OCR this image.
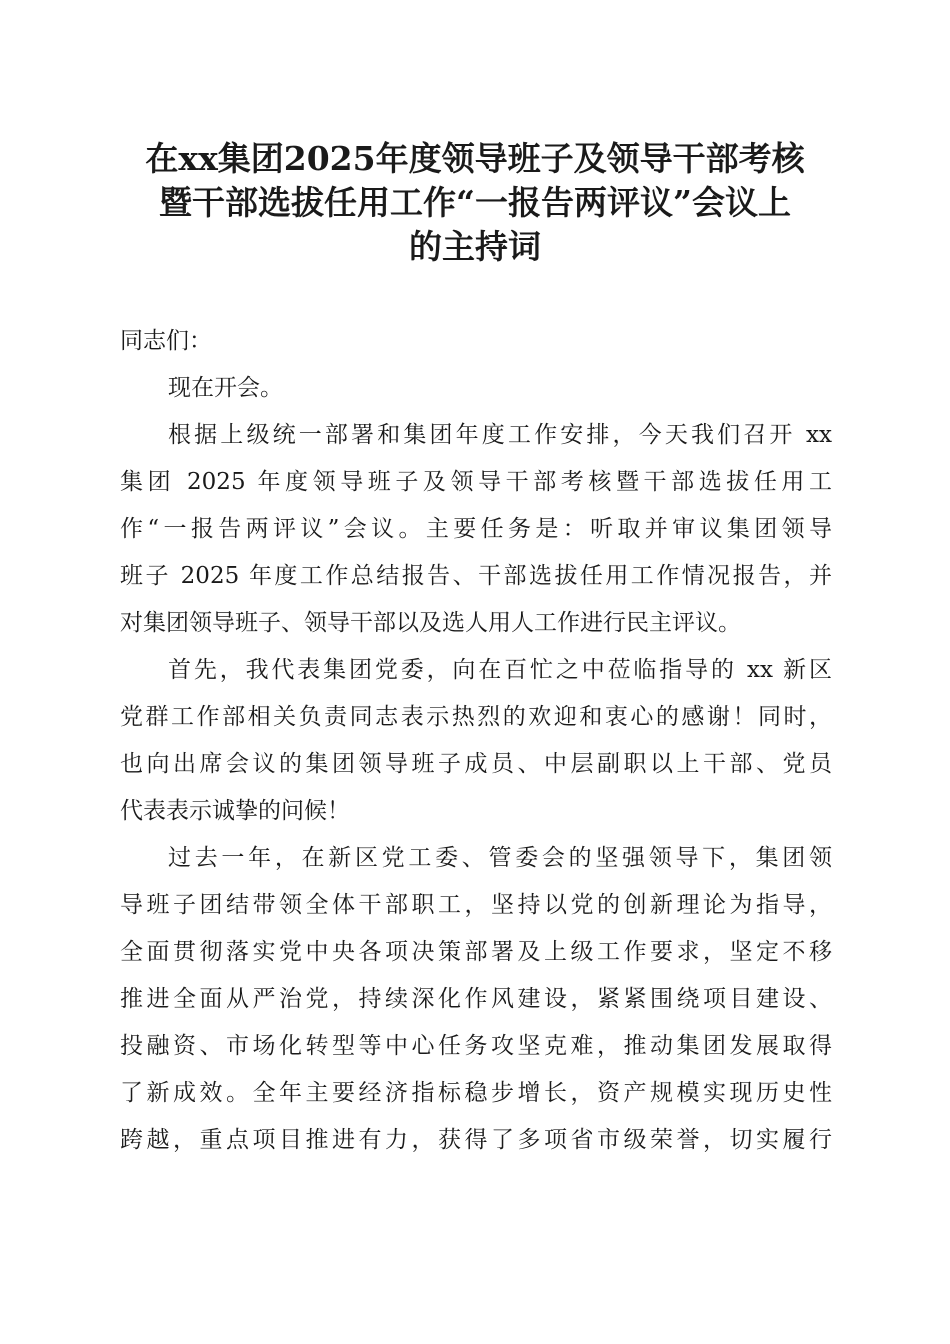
在xx集团2025年度领导班子及领导干部考核
暨干部选拔任用工作“一报告两评议”会议上
的主持词

同志们：

现在开会。

根据上级统一部署和集团年度工作安排，今天我们召开 xx
集团 2025 年度领导班子及领导干部考核暨干部选拔任用工
作“一报告两评议”会议。主要任务是：听取并审议集团领导
班子 2025 年度工作总结报告、干部选拔任用工作情况报告，并
对集团领导班子、领导干部以及选人用人工作进行民主评议。

首先，我代表集团党委，向在百忙之中莅临指导的 xx 新区
党群工作部相关负责同志表示热烈的欢迎和衷心的感谢！同时，
也向出席会议的集团领导班子成员、中层副职以上干部、党员
代表表示诚挚的问候！

过去一年，在新区党工委、管委会的坚强领导下，集团领
导班子团结带领全体干部职工，坚持以党的创新理论为指导，
全面贯彻落实党中央各项决策部署及上级工作要求，坚定不移
推进全面从严治党，持续深化作风建设，紧紧围绕项目建设、
投融资、市场化转型等中心任务攻坚克难，推动集团发展取得
了新成效。全年主要经济指标稳步增长，资产规模实现历史性
跨越，重点项目推进有力，获得了多项省市级荣誉，切实履行
